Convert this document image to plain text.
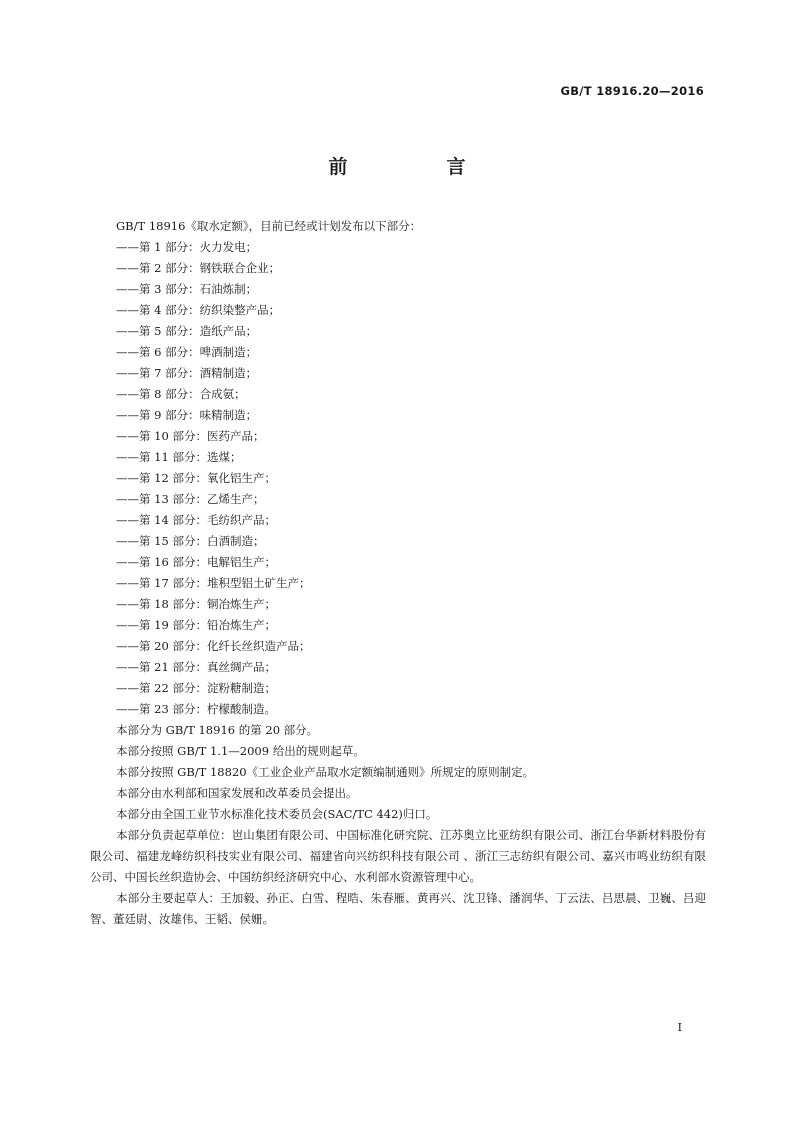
GB/T 18916.20—2016
前　言
GB/T 18916《取水定额》，目前已经或计划发布以下部分：
——第 1 部分：火力发电；
——第 2 部分：钢铁联合企业；
——第 3 部分：石油炼制；
——第 4 部分：纺织染整产品；
——第 5 部分：造纸产品；
——第 6 部分：啤酒制造；
——第 7 部分：酒精制造；
——第 8 部分：合成氨；
——第 9 部分：味精制造；
——第 10 部分：医药产品；
——第 11 部分：选煤；
——第 12 部分：氧化铝生产；
——第 13 部分：乙烯生产；
——第 14 部分：毛纺织产品；
——第 15 部分：白酒制造；
——第 16 部分：电解铝生产；
——第 17 部分：堆积型铝土矿生产；
——第 18 部分：铜冶炼生产；
——第 19 部分：铅冶炼生产；
——第 20 部分：化纤长丝织造产品；
——第 21 部分：真丝绸产品；
——第 22 部分：淀粉糖制造；
——第 23 部分：柠檬酸制造。
本部分为 GB/T 18916 的第 20 部分。
本部分按照 GB/T 1.1—2009 给出的规则起草。
本部分按照 GB/T 18820《工业企业产品取水定额编制通则》所规定的原则制定。
本部分由水利部和国家发展和改革委员会提出。
本部分由全国工业节水标准化技术委员会(SAC/TC 442)归口。
本部分负责起草单位：岜山集团有限公司、中国标准化研究院、江苏奥立比亚纺织有限公司、浙江台华新材料股份有限公司、福建龙峰纺织科技实业有限公司、福建省向兴纺织科技有限公司 、浙江三志纺织有限公司、嘉兴市鸣业纺织有限公司、中国长丝织造协会、中国纺织经济研究中心、水利部水资源管理中心。
本部分主要起草人：王加毅、孙正、白雪、程晧、朱春雁、黄再兴、沈卫锋、潘润华、丁云法、吕思晨、卫巍、吕迎智、董廷尉、汝雄伟、王韬、侯姗。
I
